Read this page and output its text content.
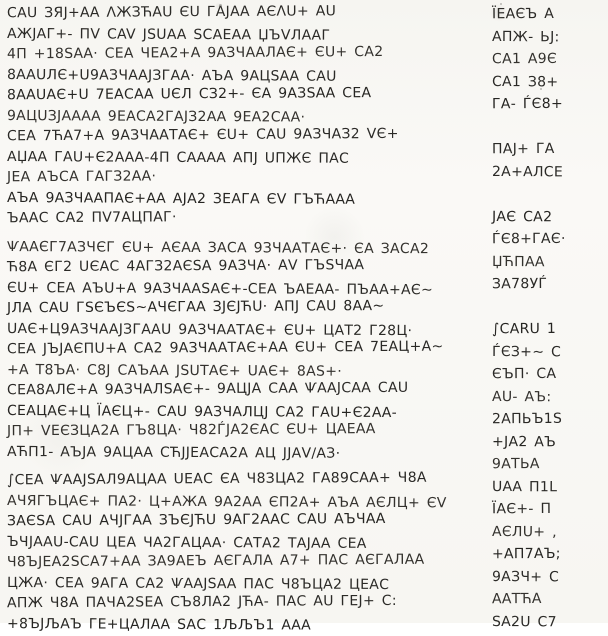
CAU ЗЯЈ+АА ΛЖЗЋAU ЄU ГАЈАА АЄΛU+ AU
АЖЈАГ+- ПV CAV ЈЅUАА ЅCАЕАА ЏЪVЛААГ
4П +18ЅАА· CЕА ЧЕА2+А 9АЗЧААЛАЄ+ ЄU+ CА2
8ААUЛЄ+U9АЗЧААЈЗГАА· АЪА 9АЦЅАА CAU
8ААUАЄ+U 7ЕАCАА UЄЛ CЗ2+- ЄА 9АЗЅАА CЕА
9АЦUЗЈАААА 9ЕАCА2ГАЈЗ2АА 9ЕА2CАА·
CЕА 7ЋА7+А 9АЗЧААТАЄ+ ЄU+ CАU 9АЗЧАЗ2 VЄ+
АЏАА ГАU+Є2ААА-4П CАААА АПЈ UПЖЄ ПАC
ЈЕА АЪCА ГАГЗ2АА·
АЪА 9АЗЧААПАЄ+АА АЈА2 ЗЕАГА ЄV ГЪЋААА
ЪААC CА2 ПV7АЦПАГ·
ѰААЄГ7АЗЧЄГ ЄU+ АЄАА ЗАCА 9ЗЧААТАЄ+· ЄА ЗАCА2
Ћ8А ЄГ2 UЄАC 4АГЗ2АЄЅА 9АЗЧА· АV ГЪЅЧАА
ЄU+ CЕА АЪU+А 9АЗЧААЅАЄ+-CЕА ЪАЕАА- ПЪАА+АЄ~
ЈЛА CАU ГЅЄЪЄЅ~АЧЄГАА ЗЈЄЈЋU· АПЈ CАU 8АА~
UАЄ+Ц9АЗЧААЈЗГААU 9АЗЧААТАЄ+ ЄU+ ЦАТ2 Г28Ц·
CЕА ЈЪЈАЄПU+А CА2 9АЗЧААТАЄ+АА ЄU+ CЕА 7ЕАЦ+А~
+А Т8ЪА· C8Ј CАЪАА ЈЅUТАЄ+ UАЄ+ 8АЅ+·
CЕА8АЛЄ+А 9АЗЧАЛЅАЄ+- 9АЦЈА CАА ѰААЈCАА CAU
CЕАЦАЄ+Ц ЇАЄЦ+- CАU 9АЗЧАЛЦЈ CА2 ГАU+Є2АА-
ЈП+ VЕЄЗЦА2А ГЪ8ЦА· Ч82ЃЈА2ЄАC ЄU+ ЦАЕАА
АЋП1- АЪЈА 9АЦАА CЋЈЈЕАCА2А АЦ ЈЈАV/АЗ·
∫CЕА ѰААЈЅАЛ9АЦАА UЕАC ЄА Ч8ЗЦА2 ГА89CАА+ Ч8А
АЧЯГЪЦАЄ+ ПА2· Ц+АЖА 9А2АА ЄП2А+ АЪА АЄЛЦ+ ЄV
ЗАЄЅА CАU АЧЈГАА ЗЪЄЈЋU 9АГ2ААC CАU АЪЧАА
ЪЧЈААU-CАU ЦЕА ЧА2ГАЦАА· CАТА2 ТАЈАА CЕА
Ч8ЪЈЕА2ЅCА7+АА ЗА9АЕЪ АЄГАЛА А7+ ПАC АЄГАЛАА
ЦЖА· CЕА 9АГА CА2 ѰААЈЅАА ПАC Ч8ЪЦА2 ЦЕАC
АПЖ Ч8А ПАЧА2ЅЕА CЪ8ЛА2 ЈЋА- ПАC АU ГЕЈ+ C:
+8ЪЈЉАЪ ГЕ+ЦАЛАА ЅАC 1ЉЉЪ1 ААА
ЇЕАЄЪ А
АПЖ- ЬЈ:
CА1 А9Є
CА1 З8+
ГА- ЃЄ8+
ПАЈ+ ГА
2А+АЛCЕ
ЈАЄ CА2
ЃЄ8+ГАЄ·
ЏЋПАА
ЗА78УЃ
∫CАRU 1
ЃЄЗ+~ C
ЄЪП· CА
АU- АЪ:
2АПЬЪ1S
+ЈА2 АЪ
9АТЬА
UАА П1L
ЇАЄ+- П
АЄЛU+ ,
+АП7АЪ;
9АЗЧ+ C
ААТЋА
ЅА2U C7
